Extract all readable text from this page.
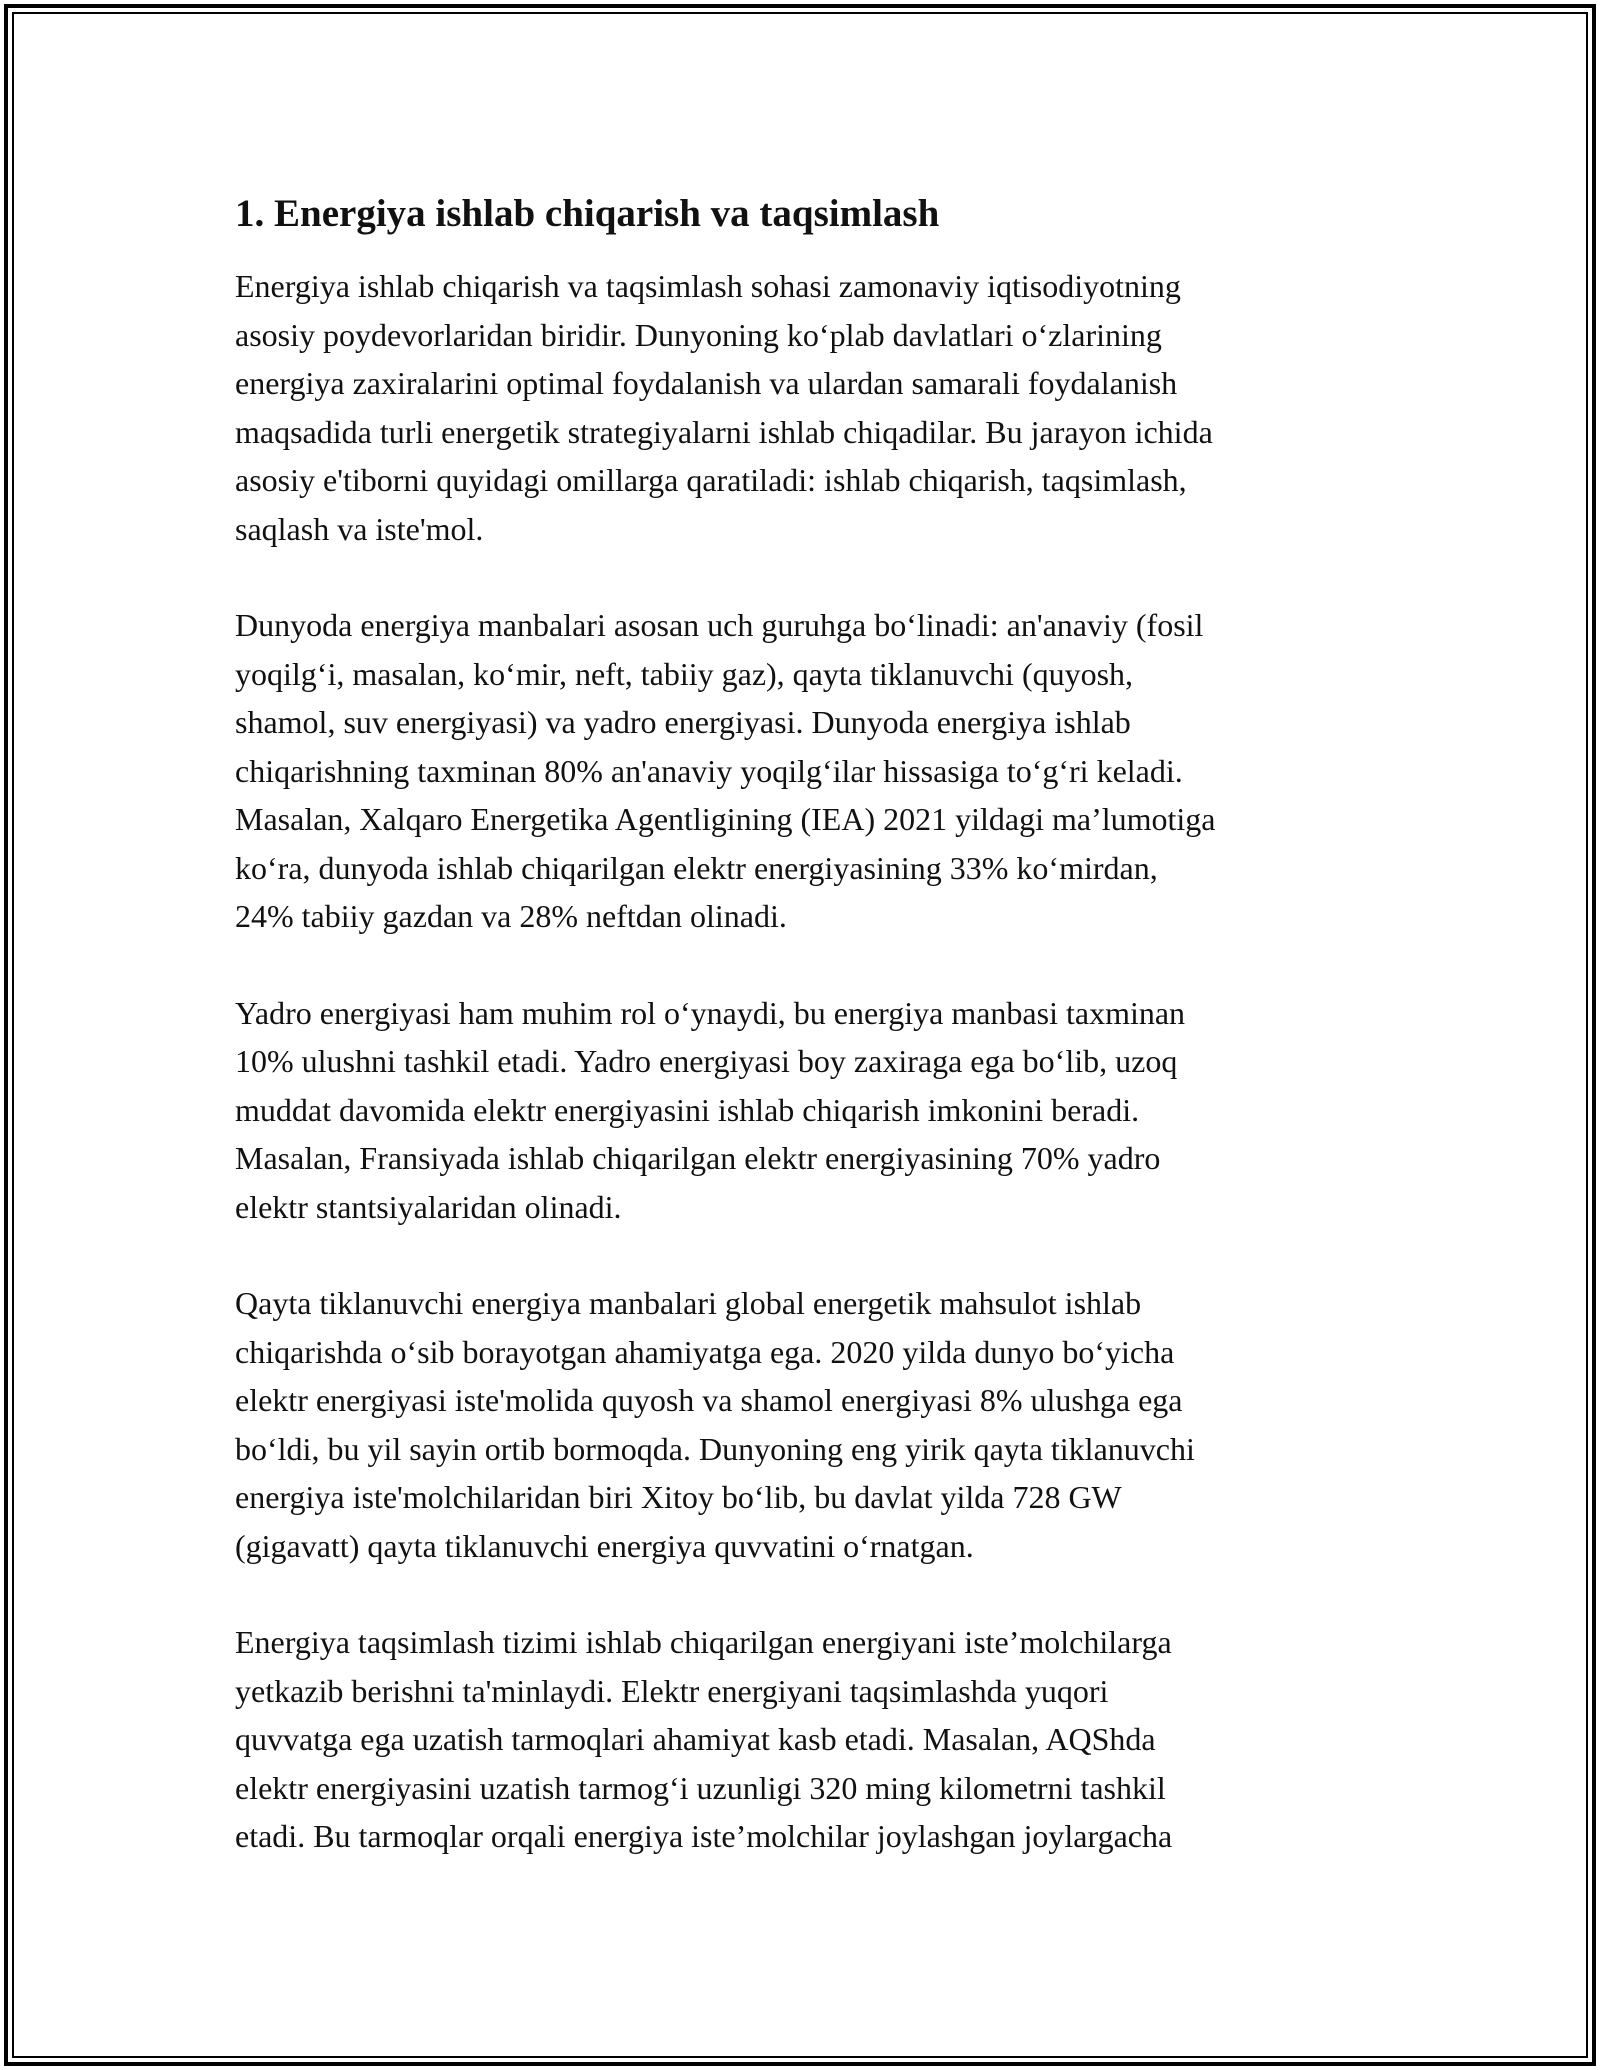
1. Energiya ishlab chiqarish va taqsimlash

Energiya ishlab chiqarish va taqsimlash sohasi zamonaviy iqtisodiyotning
asosiy poydevorlaridan biridir. Dunyoning koʻplab davlatlari oʻzlarining
energiya zaxiralarini optimal foydalanish va ulardan samarali foydalanish
maqsadida turli energetik strategiyalarni ishlab chiqadilar. Bu jarayon ichida
asosiy e'tiborni quyidagi omillarga qaratiladi: ishlab chiqarish, taqsimlash,
saqlash va iste'mol.

Dunyoda energiya manbalari asosan uch guruhga boʻlinadi: an'anaviy (fosil
yoqilgʻi, masalan, koʻmir, neft, tabiiy gaz), qayta tiklanuvchi (quyosh,
shamol, suv energiyasi) va yadro energiyasi. Dunyoda energiya ishlab
chiqarishning taxminan 80% an'anaviy yoqilgʻilar hissasiga toʻgʻri keladi.
Masalan, Xalqaro Energetika Agentligining (IEA) 2021 yildagi maʼlumotiga
koʻra, dunyoda ishlab chiqarilgan elektr energiyasining 33% koʻmirdan,
24% tabiiy gazdan va 28% neftdan olinadi.

Yadro energiyasi ham muhim rol oʻynaydi, bu energiya manbasi taxminan
10% ulushni tashkil etadi. Yadro energiyasi boy zaxiraga ega boʻlib, uzoq
muddat davomida elektr energiyasini ishlab chiqarish imkonini beradi.
Masalan, Fransiyada ishlab chiqarilgan elektr energiyasining 70% yadro
elektr stantsiyalaridan olinadi.

Qayta tiklanuvchi energiya manbalari global energetik mahsulot ishlab
chiqarishda oʻsib borayotgan ahamiyatga ega. 2020 yilda dunyo boʻyicha
elektr energiyasi iste'molida quyosh va shamol energiyasi 8% ulushga ega
boʻldi, bu yil sayin ortib bormoqda. Dunyoning eng yirik qayta tiklanuvchi
energiya iste'molchilaridan biri Xitoy boʻlib, bu davlat yilda 728 GW
(gigavatt) qayta tiklanuvchi energiya quvvatini oʻrnatgan.

Energiya taqsimlash tizimi ishlab chiqarilgan energiyani isteʼmolchilarga
yetkazib berishni ta'minlaydi. Elektr energiyani taqsimlashda yuqori
quvvatga ega uzatish tarmoqlari ahamiyat kasb etadi. Masalan, AQShda
elektr energiyasini uzatish tarmogʻi uzunligi 320 ming kilometrni tashkil
etadi. Bu tarmoqlar orqali energiya isteʼmolchilar joylashgan joylargacha
